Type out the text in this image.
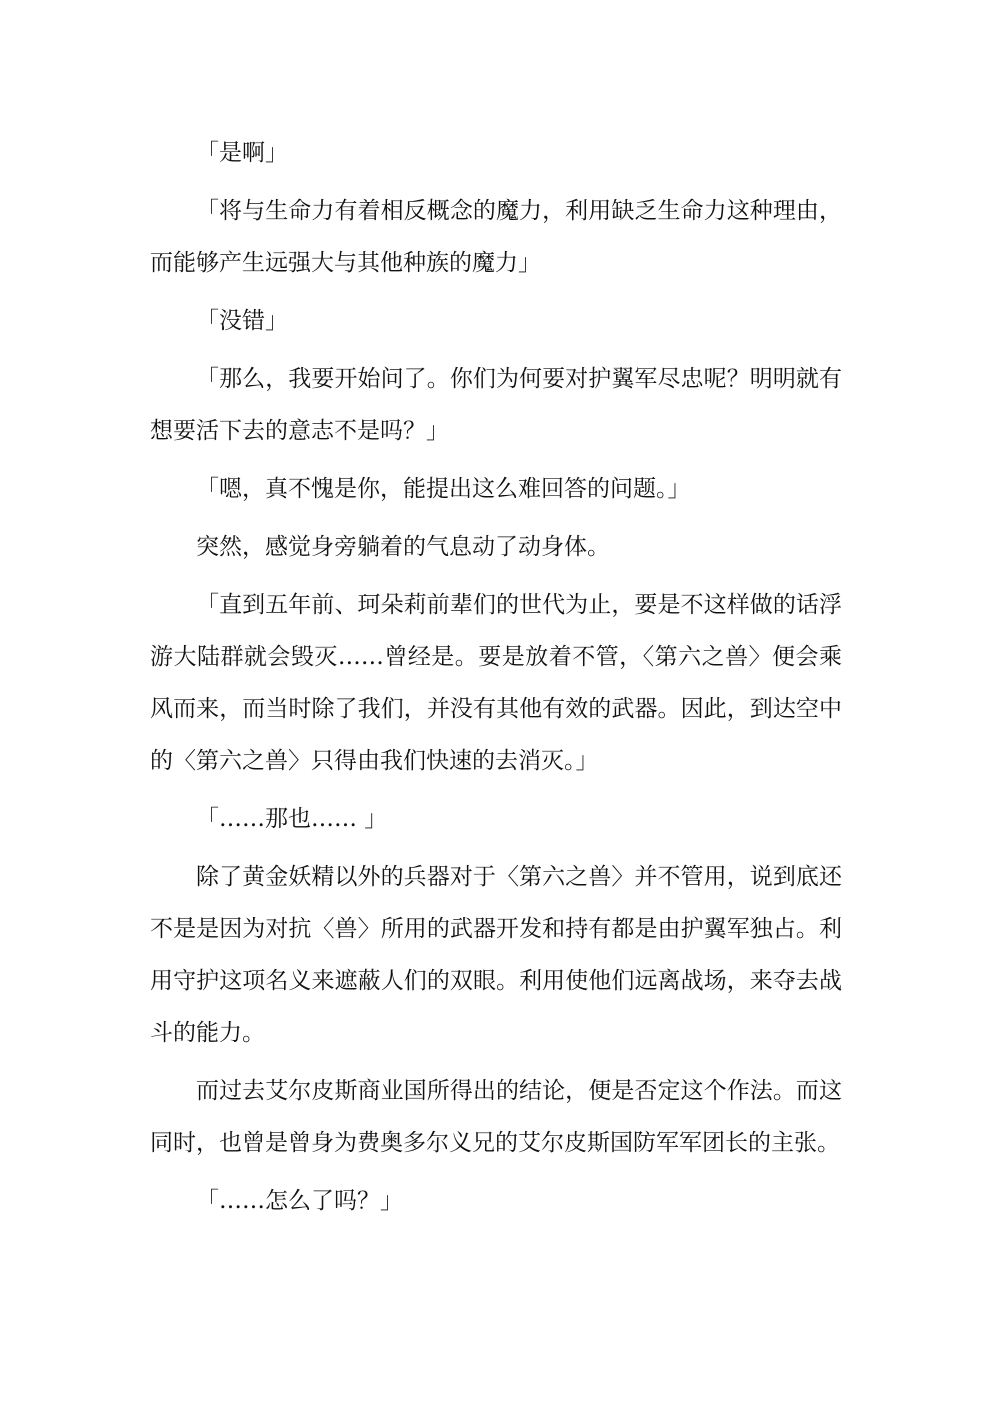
「是啊」

「将与生命力有着相反概念的魔力，利用缺乏生命力这种理由，而能够产生远强大与其他种族的魔力」

「没错」

「那么，我要开始问了。你们为何要对护翼军尽忠呢？明明就有想要活下去的意志不是吗？」

「嗯，真不愧是你，能提出这么难回答的问题。」

突然，感觉身旁躺着的气息动了动身体。

「直到五年前、珂朵莉前辈们的世代为止，要是不这样做的话浮游大陆群就会毁灭……曾经是。要是放着不管，〈第六之兽〉便会乘风而来，而当时除了我们，并没有其他有效的武器。因此，到达空中的〈第六之兽〉只得由我们快速的去消灭。」

「……那也…… 」

除了黄金妖精以外的兵器对于〈第六之兽〉并不管用，说到底还不是是因为对抗〈兽〉所用的武器开发和持有都是由护翼军独占。利用守护这项名义来遮蔽人们的双眼。利用使他们远离战场，来夺去战斗的能力。

而过去艾尔皮斯商业国所得出的结论，便是否定这个作法。而这同时，也曾是曾身为费奥多尔义兄的艾尔皮斯国防军军团长的主张。

「……怎么了吗？」
